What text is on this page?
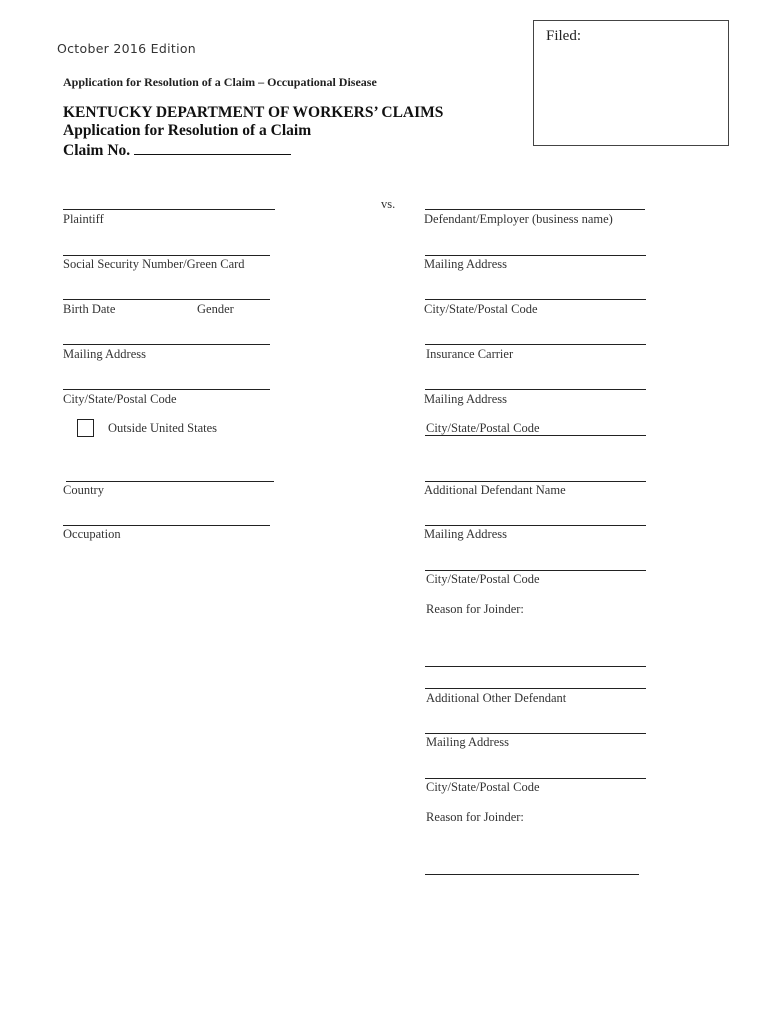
October 2016 Edition
Application for Resolution of a Claim – Occupational Disease
KENTUCKY DEPARTMENT OF WORKERS’ CLAIMS
Application for Resolution of a Claim
Claim No.
Filed:
vs.
Plaintiff
Social Security Number/Green Card
Birth Date	Gender
Mailing Address
City/State/Postal Code
Outside United States
Country
Occupation
Defendant/Employer (business name)
Mailing Address
City/State/Postal Code
Insurance Carrier
Mailing Address
City/State/Postal Code
Additional Defendant Name
Mailing Address
City/State/Postal Code
Reason for Joinder:
Additional Other Defendant
Mailing Address
City/State/Postal Code
Reason for Joinder:
